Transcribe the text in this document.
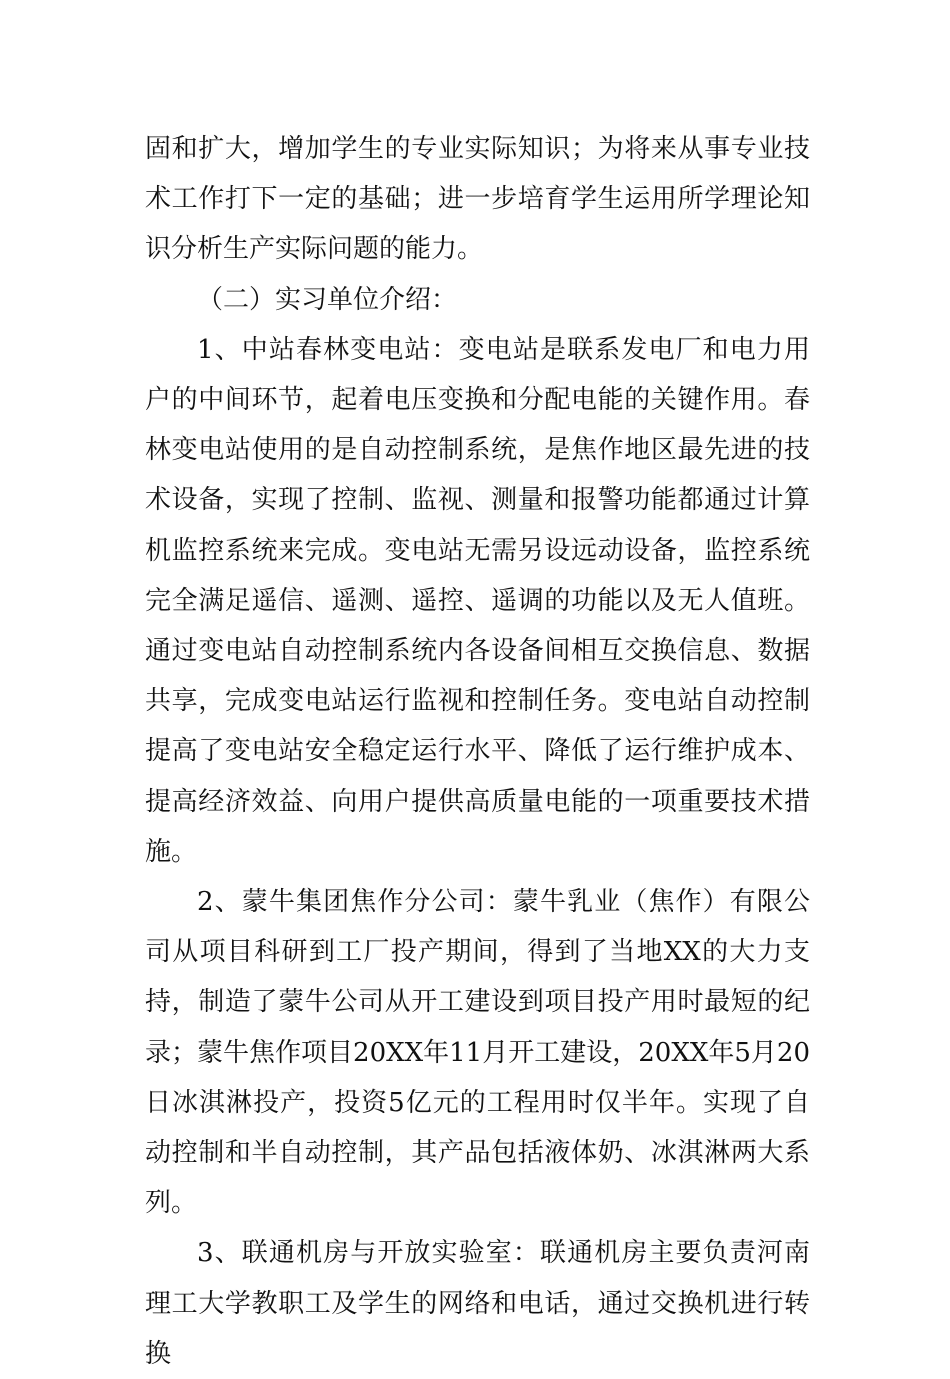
固和扩大，增加学生的专业实际知识；为将来从事专业技术工作打下一定的基础；进一步培育学生运用所学理论知识分析生产实际问题的能力。

（二）实习单位介绍：

1、中站春林变电站：变电站是联系发电厂和电力用户的中间环节，起着电压变换和分配电能的关键作用。春林变电站使用的是自动控制系统，是焦作地区最先进的技术设备，实现了控制、监视、测量和报警功能都通过计算机监控系统来完成。变电站无需另设远动设备，监控系统完全满足遥信、遥测、遥控、遥调的功能以及无人值班。通过变电站自动控制系统内各设备间相互交换信息、数据共享，完成变电站运行监视和控制任务。变电站自动控制提高了变电站安全稳定运行水平、降低了运行维护成本、提高经济效益、向用户提供高质量电能的一项重要技术措施。

2、蒙牛集团焦作分公司：蒙牛乳业（焦作）有限公司从项目科研到工厂投产期间，得到了当地XX的大力支持，制造了蒙牛公司从开工建设到项目投产用时最短的纪录；蒙牛焦作项目20XX年11月开工建设，20XX年5月20日冰淇淋投产，投资5亿元的工程用时仅半年。实现了自动控制和半自动控制，其产品包括液体奶、冰淇淋两大系列。

3、联通机房与开放实验室：联通机房主要负责河南理工大学教职工及学生的网络和电话，通过交换机进行转换
